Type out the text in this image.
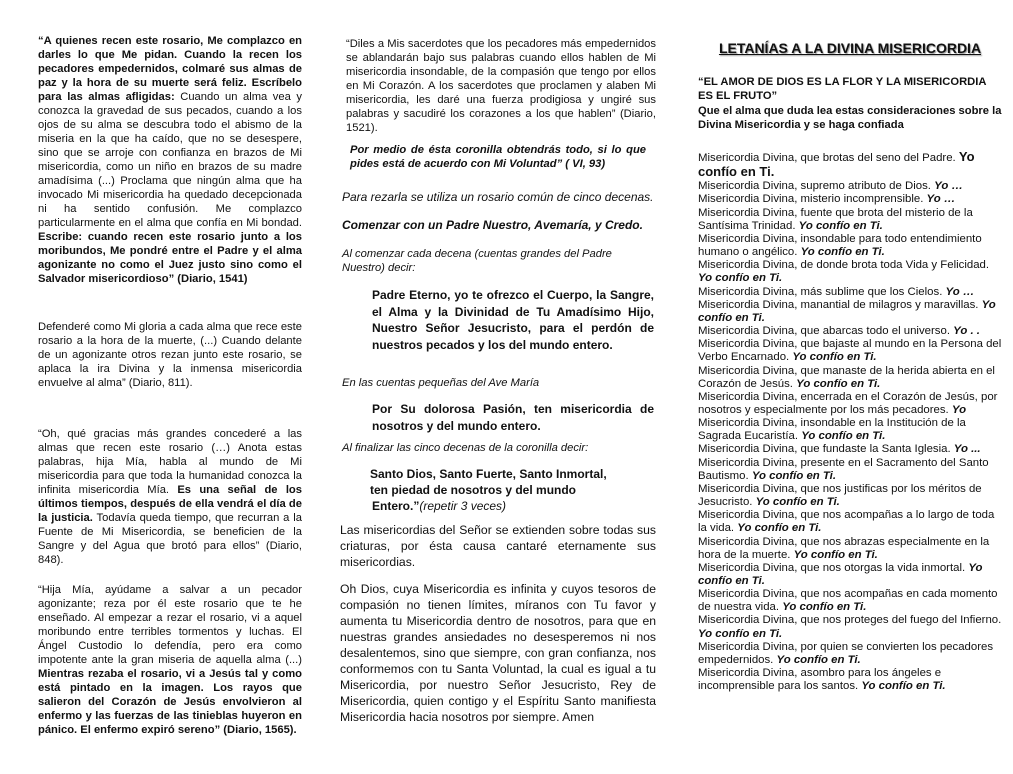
“A quienes recen este rosario, Me complazco en darles lo que Me pidan. Cuando la recen los pecadores empedernidos, colmaré sus almas de paz y la hora de su muerte será feliz. Escríbelo para las almas afligidas: Cuando un alma vea y conozca la gravedad de sus pecados, cuando a los ojos de su alma se descubra todo el abismo de la miseria en la que ha caído, que no se desespere, sino que se arroje con confianza en brazos de Mi misericordia, como un niño en brazos de su madre amadísima (...) Proclama que ningún alma que ha invocado Mi misericordia ha quedado decepcionada ni ha sentido confusión. Me complazco particularmente en el alma que confía en Mi bondad. Escribe: cuando recen este rosario junto a los moribundos, Me pondré entre el Padre y el alma agonizante no como el Juez justo sino como el Salvador misericordioso” (Diario, 1541)
Defenderé como Mi gloria a cada alma que rece este rosario a la hora de la muerte, (...) Cuando delante de un agonizante otros rezan junto este rosario, se aplaca la ira Divina y la inmensa misericordia envuelve al alma” (Diario, 811).
“Oh, qué gracias más grandes concederé a las almas que recen este rosario (…) Anota estas palabras, hija Mía, habla al mundo de Mi misericordia para que toda la humanidad conozca la infinita misericordia Mía. Es una señal de los últimos tiempos, después de ella vendrá el día de la justicia. Todavía queda tiempo, que recurran a la Fuente de Mi Misericordia, se beneficien de la Sangre y del Agua que brotó para ellos” (Diario, 848).
“Hija Mía, ayúdame a salvar a un pecador agonizante; reza por él este rosario que te he enseñado. Al empezar a rezar el rosario, vi a aquel moribundo entre terribles tormentos y luchas. El Ángel Custodio lo defendía, pero era como impotente ante la gran miseria de aquella alma (...) Mientras rezaba el rosario, vi a Jesús tal y como está pintado en la imagen. Los rayos que salieron del Corazón de Jesús envolvieron al enfermo y las fuerzas de las tinieblas huyeron en pánico. El enfermo expiró sereno” (Diario, 1565).
“Diles a Mis sacerdotes que los pecadores más empedernidos se ablandarán bajo sus palabras cuando ellos hablen de Mi misericordia insondable, de la compasión que tengo por ellos en Mi Corazón. A los sacerdotes que proclamen y alaben Mi misericordia, les daré una fuerza prodigiosa y ungiré sus palabras y sacudiré los corazones a los que hablen” (Diario, 1521).
Por medio de ésta coronilla obtendrás todo, si lo que pides está de acuerdo con Mi Voluntad” ( VI, 93)
Para rezarla se utiliza un rosario común de cinco decenas.
Comenzar con un Padre Nuestro, Avemaría, y Credo.
Al comenzar cada decena (cuentas grandes del Padre Nuestro) decir:
Padre Eterno, yo te ofrezco el Cuerpo, la Sangre, el Alma y la Divinidad de Tu Amadísimo Hijo, Nuestro Señor Jesucristo, para el perdón de nuestros pecados y los del mundo entero.
En las cuentas pequeñas del Ave María
Por Su dolorosa Pasión, ten misericordia de nosotros y del mundo entero.
Al finalizar las cinco decenas de la coronilla decir:
Santo Dios, Santo Fuerte, Santo Inmortal,
ten piedad de nosotros y del mundo
Entero.”(repetir 3 veces)
Las misericordias del Señor se extienden sobre todas sus criaturas, por ésta causa cantaré eternamente sus misericordias.
Oh Dios, cuya Misericordia es infinita y cuyos tesoros de compasión no tienen límites, míranos con Tu favor y aumenta tu Misericordia dentro de nosotros, para que en nuestras grandes ansiedades no desesperemos ni nos desalentemos, sino que siempre, con gran confianza, nos conformemos con tu Santa Voluntad, la cual es igual a tu Misericordia, por nuestro Señor Jesucristo, Rey de Misericordia, quien contigo y el Espíritu Santo manifiesta Misericordia hacia nosotros por siempre. Amen
LETANÍAS A LA DIVINA MISERICORDIA
“EL AMOR DE DIOS ES LA FLOR Y LA MISERICORDIA ES EL FRUTO”
Que el alma que duda lea estas consideraciones sobre la Divina Misericordia y se haga confiada
Misericordia Divina, que brotas del seno del Padre. Yo confío en Ti.
Misericordia Divina, supremo atributo de Dios. Yo …
Misericordia Divina, misterio incomprensible. Yo …
Misericordia Divina, fuente que brota del misterio de la Santísima Trinidad. Yo confío en Ti.
Misericordia Divina, insondable para todo entendimiento humano o angélico. Yo confío en Ti.
Misericordia Divina, de donde brota toda Vida y Felicidad. Yo confío en Ti.
Misericordia Divina, más sublime que los Cielos. Yo …
Misericordia Divina, manantial de milagros y maravillas. Yo confío en Ti.
Misericordia Divina, que abarcas todo el universo. Yo . .
Misericordia Divina, que bajaste al mundo en la Persona del Verbo Encarnado. Yo confío en Ti.
Misericordia Divina, que manaste de la herida abierta en el Corazón de Jesús. Yo confío en Ti.
Misericordia Divina, encerrada en el Corazón de Jesús, por nosotros y especialmente por los más pecadores. Yo
Misericordia Divina, insondable en la Institución de la Sagrada Eucaristía. Yo confío en Ti.
Misericordia Divina, que fundaste la Santa Iglesia. Yo ...
Misericordia Divina, presente en el Sacramento del Santo Bautismo. Yo confío en Ti.
Misericordia Divina, que nos justificas por los méritos de Jesucristo. Yo confío en Ti.
Misericordia Divina, que nos acompañas a lo largo de toda la vida. Yo confío en Ti.
Misericordia Divina, que nos abrazas especialmente en la hora de la muerte. Yo confío en Ti.
Misericordia Divina, que nos otorgas la vida inmortal. Yo confío en Ti.
Misericordia Divina, que nos acompañas en cada momento de nuestra vida. Yo confío en Ti.
Misericordia Divina, que nos proteges del fuego del Infierno. Yo confío en Ti.
Misericordia Divina, por quien se convierten los pecadores empedernidos. Yo confío en Ti.
Misericordia Divina, asombro para los ángeles e incomprensible para los santos. Yo confío en Ti.
